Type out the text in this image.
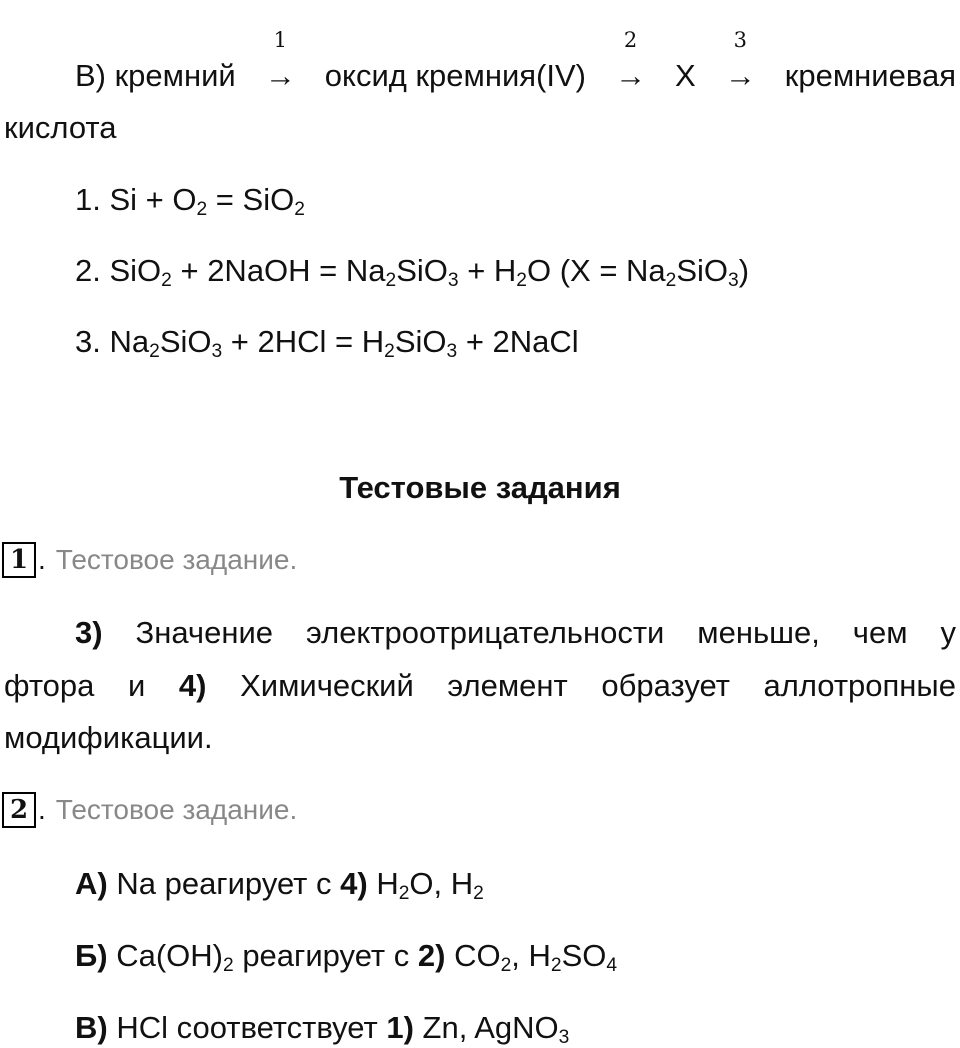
В) кремний
1
→ оксид кремния(IV)
2
→ X
3
→ кремниевая
кислота
1. $Si + O_2 = SiO_2$
2. SiO$_2$ + 2NaOH = $Na_2SiO_3 + H_2O$ $(X = Na_2SiO_3)$
3. $Na_2SiO_3 + 2HCl = H_2SiO_3$ + 2NaCl
Тестовые задания
1 . Тестовое задание.
3) Значение электроотрицательности меньше, чем у
фтора и 4) Химический элемент образует аллотропные
модификации.
2 . Тестовое задание.
А) Na реагирует с 4) $H_2O$, $H_2$
Б) $Ca(OH)_2$ реагирует с 2) $CO_2$, $H_2SO_4$
В) HCl соответствует 1) Zn, AgNO$_3$
